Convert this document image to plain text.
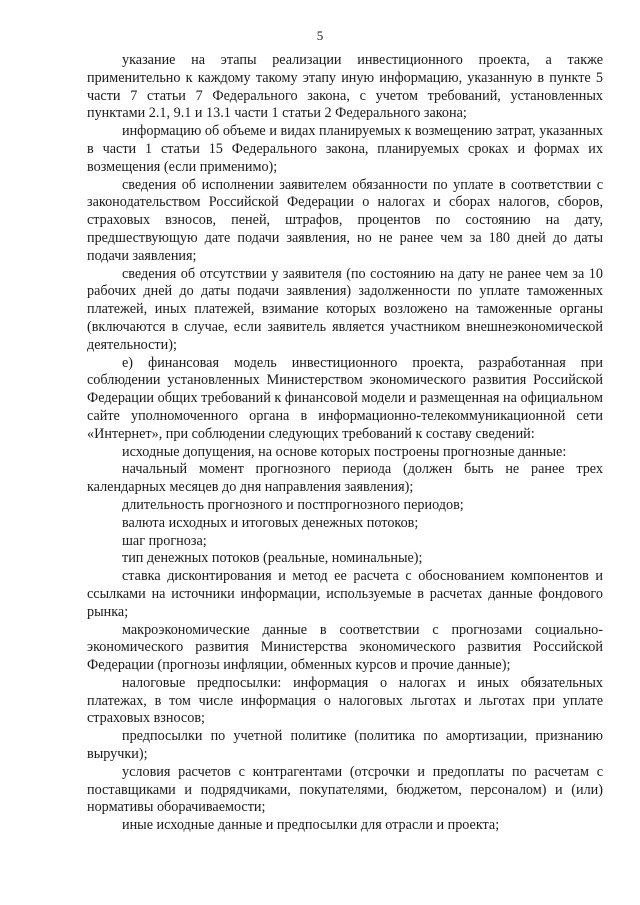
5

указание на этапы реализации инвестиционного проекта, а также применительно к каждому такому этапу иную информацию, указанную в пункте 5 части 7 статьи 7 Федерального закона, с учетом требований, установленных пунктами 2.1, 9.1 и 13.1 части 1 статьи 2 Федерального закона;

информацию об объеме и видах планируемых к возмещению затрат, указанных в части 1 статьи 15 Федерального закона, планируемых сроках и формах их возмещения (если применимо);

сведения об исполнении заявителем обязанности по уплате в соответствии с законодательством Российской Федерации о налогах и сборах налогов, сборов, страховых взносов, пеней, штрафов, процентов по состоянию на дату, предшествующую дате подачи заявления, но не ранее чем за 180 дней до даты подачи заявления;

сведения об отсутствии у заявителя (по состоянию на дату не ранее чем за 10 рабочих дней до даты подачи заявления) задолженности по уплате таможенных платежей, иных платежей, взимание которых возложено на таможенные органы (включаются в случае, если заявитель является участником внешнеэкономической деятельности);

е) финансовая модель инвестиционного проекта, разработанная при соблюдении установленных Министерством экономического развития Российской Федерации общих требований к финансовой модели и размещенная на официальном сайте уполномоченного органа в информационно-телекоммуникационной сети «Интернет», при соблюдении следующих требований к составу сведений:

исходные допущения, на основе которых построены прогнозные данные:

начальный момент прогнозного периода (должен быть не ранее трех календарных месяцев до дня направления заявления);

длительность прогнозного и постпрогнозного периодов;

валюта исходных и итоговых денежных потоков;

шаг прогноза;

тип денежных потоков (реальные, номинальные);

ставка дисконтирования и метод ее расчета с обоснованием компонентов и ссылками на источники информации, используемые в расчетах данные фондового рынка;

макроэкономические данные в соответствии с прогнозами социально-экономического развития Министерства экономического развития Российской Федерации (прогнозы инфляции, обменных курсов и прочие данные);

налоговые предпосылки: информация о налогах и иных обязательных платежах, в том числе информация о налоговых льготах и льготах при уплате страховых взносов;

предпосылки по учетной политике (политика по амортизации, признанию выручки);

условия расчетов с контрагентами (отсрочки и предоплаты по расчетам с поставщиками и подрядчиками, покупателями, бюджетом, персоналом) и (или) нормативы оборачиваемости;

иные исходные данные и предпосылки для отрасли и проекта;
